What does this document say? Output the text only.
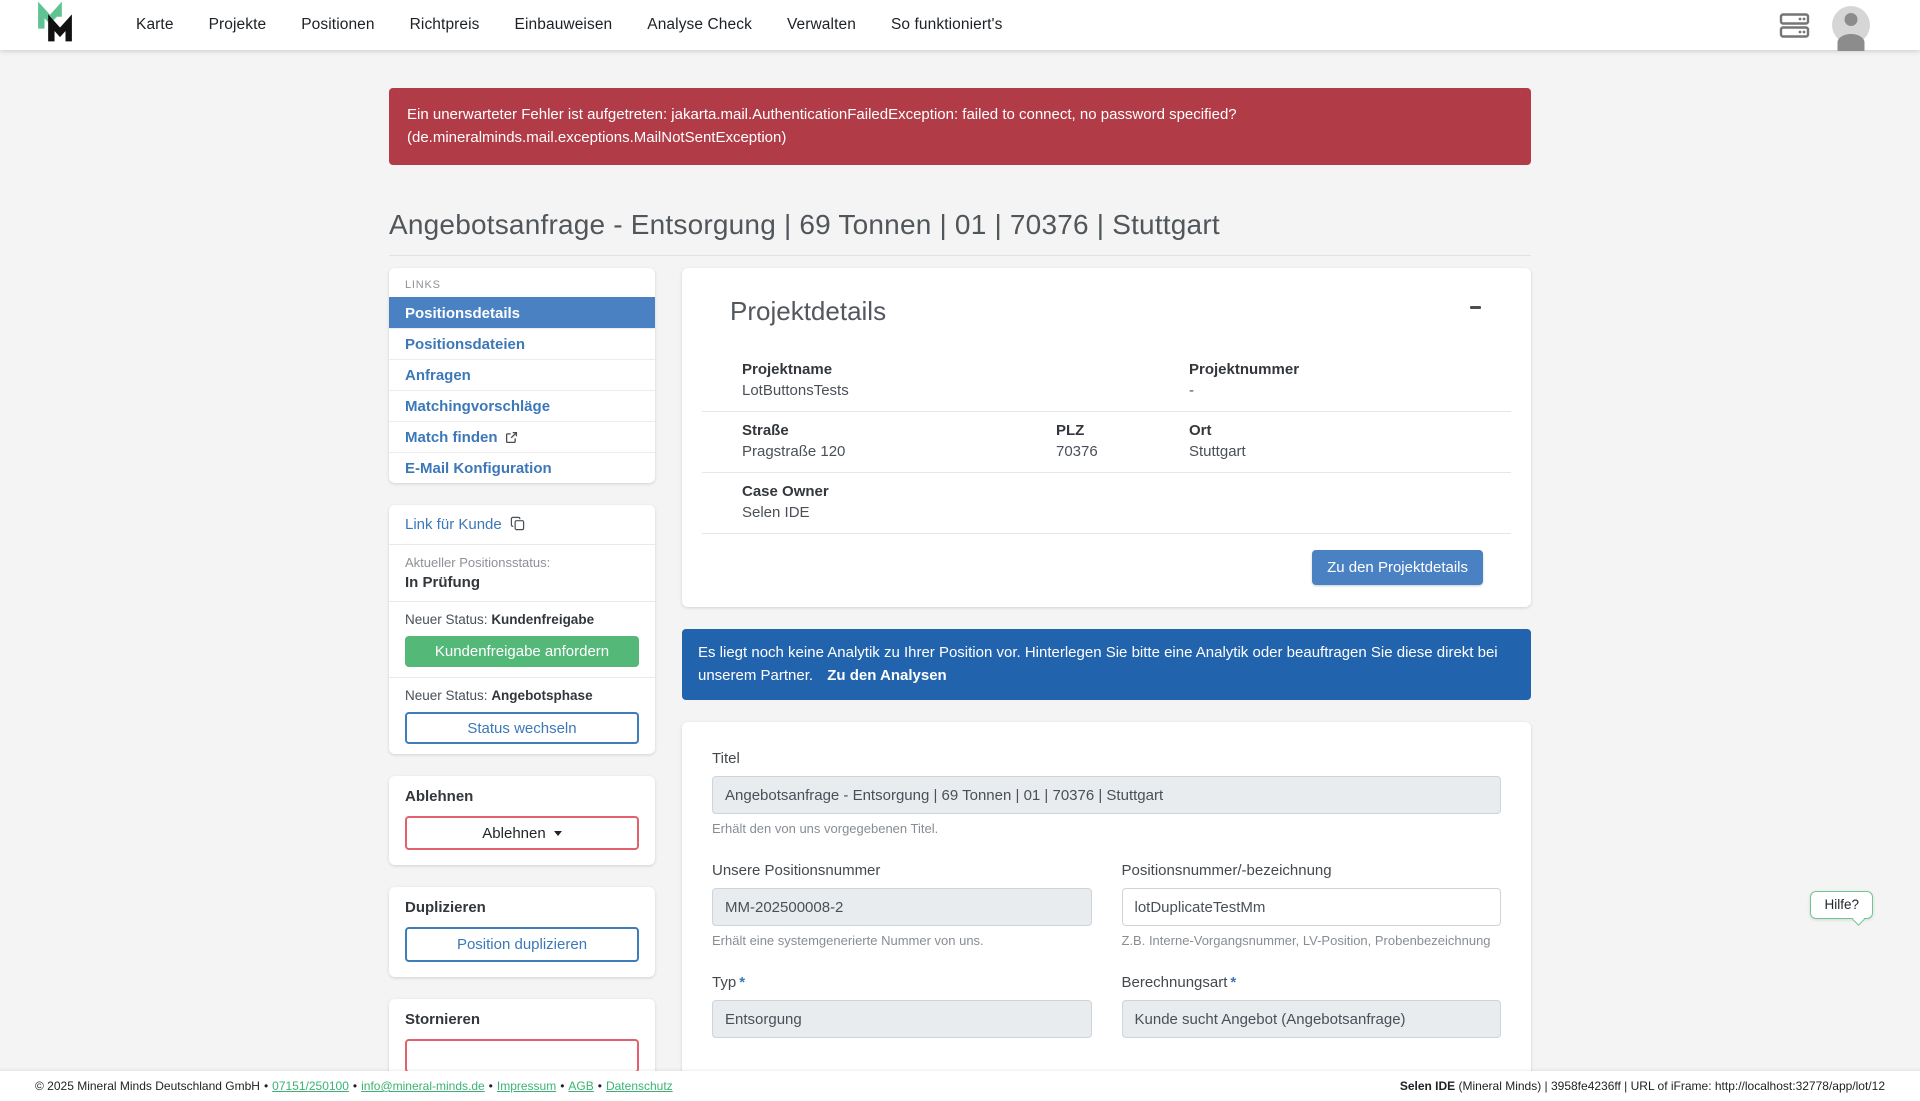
Karte Projekte Positionen Richtpreis Einbauweisen Analyse Check Verwalten So funktioniert's
Ein unerwarteter Fehler ist aufgetreten: jakarta.mail.AuthenticationFailedException: failed to connect, no password specified? (de.mineralminds.mail.exceptions.MailNotSentException)
Angebotsanfrage - Entsorgung | 69 Tonnen | 01 | 70376 | Stuttgart
LINKS
Positionsdetails
Positionsdateien
Anfragen
Matchingvorschläge
Match finden
E-Mail Konfiguration
Link für Kunde

Aktueller Positionsstatus:
In Prüfung
Neuer Status: Kundenfreigabe
Kundenfreigabe anfordern
Neuer Status: Angebotsphase
Status wechseln
Ablehnen
Ablehnen
Duplizieren
Position duplizieren
Stornieren
Projektdetails
Projektname
LotButtonsTests
Projektnummer
-
Straße
Pragstraße 120
PLZ
70376
Ort
Stuttgart
Case Owner
Selen IDE
Zu den Projektdetails
Es liegt noch keine Analytik zu Ihrer Position vor. Hinterlegen Sie bitte eine Analytik oder beauftragen Sie diese direkt bei unserem Partner. Zu den Analysen
Titel
Angebotsanfrage - Entsorgung | 69 Tonnen | 01 | 70376 | Stuttgart
Erhält den von uns vorgegebenen Titel.
Unsere Positionsnummer
MM-202500008-2
Erhält eine systemgenerierte Nummer von uns.
Positionsnummer/-bezeichnung
lotDuplicateTestMm
Z.B. Interne-Vorgangsnummer, LV-Position, Probenbezeichnung
Typ *
Entsorgung	Berechnungsart *
Kunde sucht Angebot (Angebotsanfrage)
Hilfe?
© 2025 Mineral Minds Deutschland GmbH • 07151/250100 • info@mineral-minds.de • Impressum • AGB • Datenschutz	Selen IDE (Mineral Minds) | 3958fe4236ff | URL of iFrame: http://localhost:32778/app/lot/12
